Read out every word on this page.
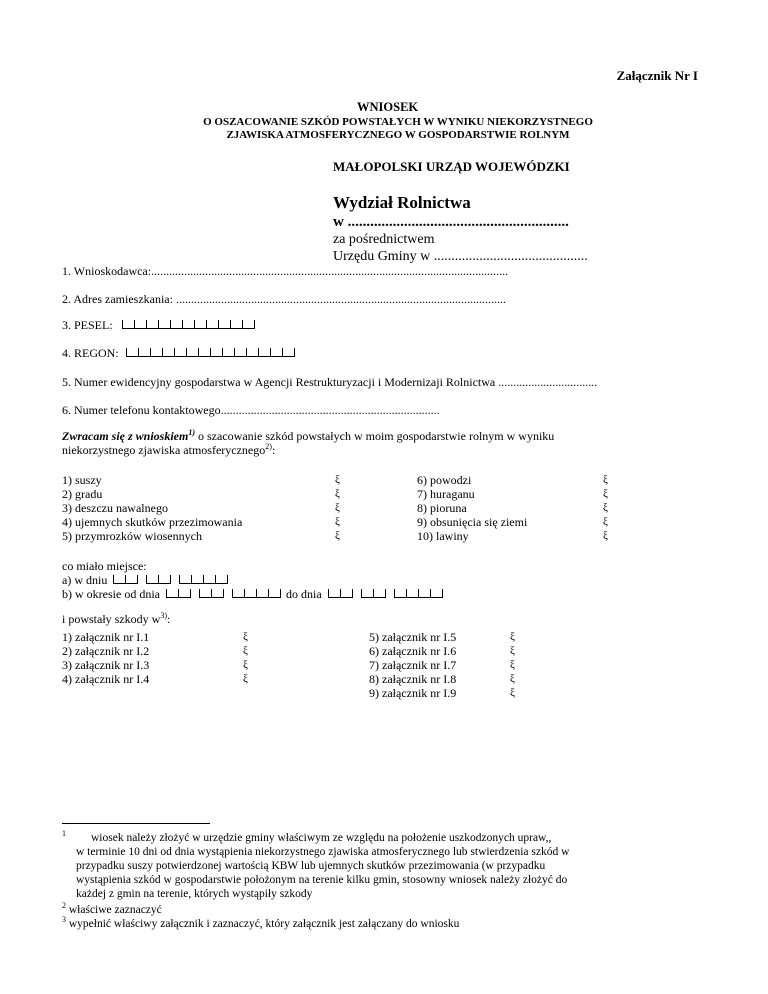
Załącznik Nr I
WNIOSEK
O OSZACOWANIE SZKÓD POWSTAŁYCH W WYNIKU NIEKORZYSTNEGO
ZJAWISKA ATMOSFERYCZNEGO W GOSPODARSTWIE ROLNYM
MAŁOPOLSKI URZĄD WOJEWÓDZKI
Wydział Rolnictwa
w ...........................................................
za pośrednictwem
Urzędu Gminy w ............................................
1. Wnioskodawca:.......................................................................................................................
2. Adres zamieszkania: ..............................................................................................................
3. PESEL:
4. REGON:
5. Numer ewidencyjny gospodarstwa w Agencji Restrukturyzacji i Modernizaji Rolnictwa .................................
6. Numer telefonu kontaktowego.........................................................................
Zwracam się z wnioskiem$^{1)}$ o szacowanie szkód powstałych w moim gospodarstwie rolnym w wyniku
niekorzystnego zjawiska atmosferycznego$^{2)}$:
1) suszy
2) gradu
3) deszczu nawalnego
4) ujemnych skutków przezimowania
5) przymrozków wiosennych
ξ
ξ
ξ
ξ
ξ
6) powodzi
7) huraganu
8) pioruna
9) obsunięcia się ziemi
10) lawiny
ξ
ξ
ξ
ξ
ξ
co miało miejsce:
a) w dniu
b) w okresie od dnia	do dnia
i powstały szkody $w^{3)}$:
1) załącznik nr I.1
2) załącznik nr I.2
3) załącznik nr I.3
4) załącznik nr I.4
ξ
ξ
ξ
ξ
5) załącznik nr I.5
6) załącznik nr I.6
7) załącznik nr I.7
8) załącznik nr I.8
9) załącznik nr I.9
ξ
ξ
ξ
ξ
ξ
$^1$ wiosek należy złożyć w urzędzie gminy właściwym ze względu na położenie uszkodzonych upraw,,
w terminie 10 dni od dnia wystąpienia niekorzystnego zjawiska atmosferycznego lub stwierdzenia szkód w
przypadku suszy potwierdzonej wartością KBW lub ujemnych skutków przezimowania (w przypadku
wystąpienia szkód w gospodarstwie położonym na terenie kilku gmin, stosowny wniosek należy złożyć do
każdej z gmin na terenie, których wystąpiły szkody
$^2$ właściwe zaznaczyć
$^3$ wypełnić właściwy załącznik i zaznaczyć, który załącznik jest załączany do wniosku
